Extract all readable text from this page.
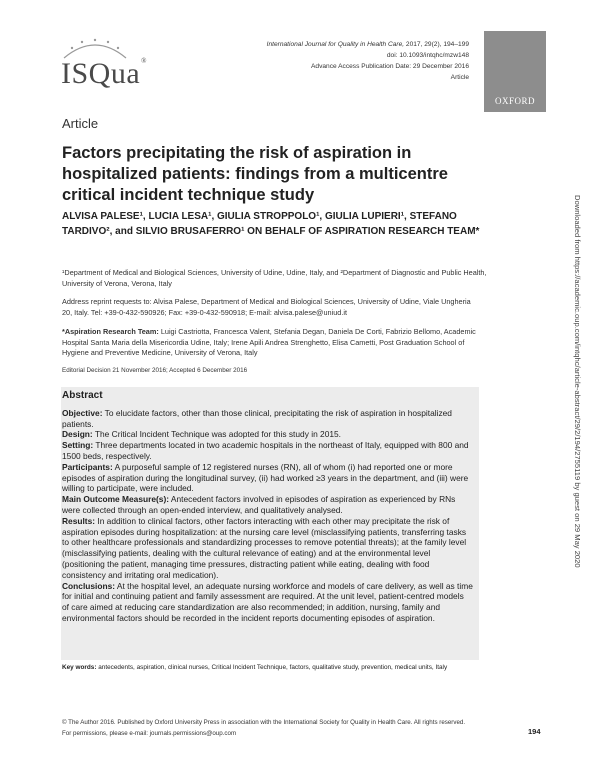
ISQua®
International Journal for Quality in Health Care, 2017, 29(2), 194–199
doi: 10.1093/intqhc/mzw148
Advance Access Publication Date: 29 December 2016
Article
OXFORD
Article
Factors precipitating the risk of aspiration in hospitalized patients: findings from a multicentre critical incident technique study
ALVISA PALESE¹, LUCIA LESA¹, GIULIA STROPPOLO¹, GIULIA LUPIERI¹, STEFANO TARDIVO², and SILVIO BRUSAFERRO¹ ON BEHALF OF ASPIRATION RESEARCH TEAM*
¹Department of Medical and Biological Sciences, University of Udine, Udine, Italy, and ²Department of Diagnostic and Public Health, University of Verona, Verona, Italy
Address reprint requests to: Alvisa Palese, Department of Medical and Biological Sciences, University of Udine, Viale Ungheria 20, Italy. Tel: +39-0-432-590926; Fax: +39-0-432-590918; E-mail: alvisa.palese@uniud.it
*Aspiration Research Team: Luigi Castriotta, Francesca Valent, Stefania Degan, Daniela De Corti, Fabrizio Bellomo, Academic Hospital Santa Maria della Misericordia Udine, Italy; Irene Apili Andrea Strenghetto, Elisa Cametti, Post Graduation School of Hygiene and Preventive Medicine, University of Verona, Italy
Editorial Decision 21 November 2016; Accepted 6 December 2016
Abstract

Objective: To elucidate factors, other than those clinical, precipitating the risk of aspiration in hospitalized patients.

Design: The Critical Incident Technique was adopted for this study in 2015.

Setting: Three departments located in two academic hospitals in the northeast of Italy, equipped with 800 and 1500 beds, respectively.

Participants: A purposeful sample of 12 registered nurses (RN), all of whom (i) had reported one or more episodes of aspiration during the longitudinal survey, (ii) had worked ≥3 years in the department, and (iii) were willing to participate, were included.

Main Outcome Measure(s): Antecedent factors involved in episodes of aspiration as experienced by RNs were collected through an open-ended interview, and qualitatively analysed.

Results: In addition to clinical factors, other factors interacting with each other may precipitate the risk of aspiration episodes during hospitalization: at the nursing care level (misclassifying patients, transferring tasks to other healthcare professionals and standardizing processes to remove potential threats); at the family level (misclassifying patients, dealing with the cultural relevance of eating) and at the environmental level (positioning the patient, managing time pressures, distracting patient while eating, dealing with food consistency and irritating oral medication).

Conclusions: At the hospital level, an adequate nursing workforce and models of care delivery, as well as time for initial and continuing patient and family assessment are required. At the unit level, patient-centred models of care aimed at reducing care standardization are also recommended; in addition, nursing, family and environmental factors should be recorded in the incident reports documenting episodes of aspiration.

Key words: antecedents, aspiration, clinical nurses, Critical Incident Technique, factors, qualitative study, prevention, medical units, Italy
© The Author 2016. Published by Oxford University Press in association with the International Society for Quality in Health Care. All rights reserved.
For permissions, please e-mail: journals.permissions@oup.com	194
Downloaded from https://academic.oup.com/intqhc/article-abstract/29/2/194/2755119 by guest on 29 May 2020
